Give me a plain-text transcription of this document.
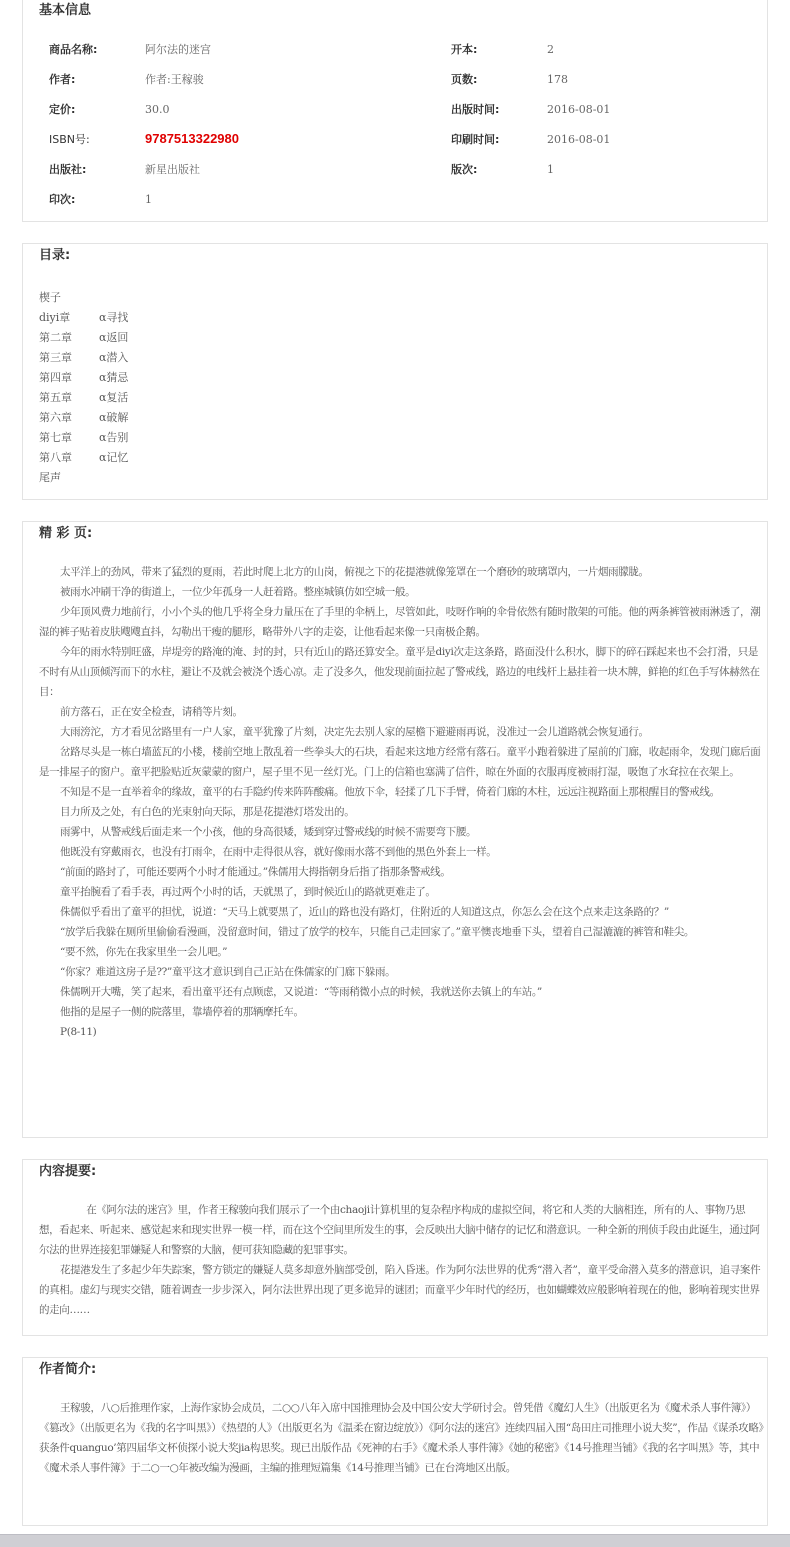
基本信息
商品名称:	阿尔法的迷宫	开本:	2
作者:	作者:王稼骏	页数:	178
定价:	30.0	出版时间:	2016-08-01
ISBN号:	9787513322980	印刷时间:	2016-08-01
出版社:	新星出版社	版次:	1
印次:	1
目录:
楔子
diyi章	α寻找
第二章 α返回
第三章 α潜入
第四章 α猜忌
第五章 α复活
第六章 α破解
第七章 α告别
第八章 α记忆
尾声
精 彩 页:

太平洋上的劲风，带来了猛烈的夏雨，若此时爬上北方的山岗，俯视之下的花提港就像笼罩在一个磨砂的玻璃罩内，一片烟雨朦胧。

被雨水冲刷干净的街道上，一位少年孤身一人赶着路。整座城镇仿如空城一般。

少年顶风费力地前行，小小个头的他几乎将全身力量压在了手里的伞柄上，尽管如此，吱呀作响的伞骨依然有随时散架的可能。他的两条裤管被雨淋透了，潮湿的裤子贴着皮肤飕飕直抖，勾勒出干瘦的腿形，略带外八字的走姿，让他看起来像一只南极企鹅。

今年的雨水特别旺盛，岸堤旁的路淹的淹、封的封，只有近山的路还算安全。童平是diyi次走这条路，路面没什么积水，脚下的碎石踩起来也不会打滑，只是不时有从山顶倾泻而下的水柱，避让不及就会被浇个透心凉。走了没多久，他发现前面拉起了警戒线，路边的电线杆上悬挂着一块木牌，鲜艳的红色手写体赫然在目：

前方落石，正在安全检查，请稍等片刻。

大雨滂沱，方才看见岔路里有一户人家，童平犹豫了片刻，决定先去别人家的屋檐下避避雨再说，没准过一会儿道路就会恢复通行。

岔路尽头是一栋白墙蓝瓦的小楼，楼前空地上散乱着一些拳头大的石块，看起来这地方经常有落石。童平小跑着躲进了屋前的门廊，收起雨伞，发现门廊后面是一排屋子的窗户。童平把脸贴近灰蒙蒙的窗户，屋子里不见一丝灯光。门上的信箱也塞满了信件，晾在外面的衣服再度被雨打湿，吸饱了水耷拉在衣架上。

不知是不是一直举着伞的缘故，童平的右手隐约传来阵阵酸痛。他放下伞，轻揉了几下手臂，倚着门廊的木柱，远远注视路面上那根醒目的警戒线。

目力所及之处，有白色的光束射向天际，那是花提港灯塔发出的。

雨雾中，从警戒线后面走来一个小孩，他的身高很矮，矮到穿过警戒线的时候不需要弯下腰。

他既没有穿戴雨衣，也没有打雨伞，在雨中走得很从容，就好像雨水落不到他的黑色外套上一样。

“前面的路封了，可能还要两个小时才能通过。”侏儒用大拇指朝身后指了指那条警戒线。

童平抬腕看了看手表，再过两个小时的话，天就黑了，到时候近山的路就更难走了。

侏儒似乎看出了童平的担忧，说道：“天马上就要黑了，近山的路也没有路灯，住附近的人知道这点，你怎么会在这个点来走这条路的？”

“放学后我躲在厕所里偷偷看漫画，没留意时间，错过了放学的校车，只能自己走回家了。”童平懊丧地垂下头，望着自己湿漉漉的裤管和鞋尖。

“要不然，你先在我家里坐一会儿吧。”

“你家？难道这房子是??”童平这才意识到自己正站在侏儒家的门廊下躲雨。

侏儒咧开大嘴，笑了起来，看出童平还有点顾虑，又说道：“等雨稍微小点的时候，我就送你去镇上的车站。”

他指的是屋子一侧的院落里，靠墙停着的那辆摩托车。

P(8-11)

内容提要:

在《阿尔法的迷宫》里，作者王稼骏向我们展示了一个由chaoji计算机里的复杂程序构成的虚拟空间，将它和人类的大脑相连，所有的人、事物乃思想，看起来、听起来、感觉起来和现实世界一模一样，而在这个空间里所发生的事，会反映出大脑中储存的记忆和潜意识。一种全新的刑侦手段由此诞生，通过阿尔法的世界连接犯罪嫌疑人和警察的大脑，便可获知隐藏的犯罪事实。

花提港发生了多起少年失踪案，警方锁定的嫌疑人莫多却意外脑部受创，陷入昏迷。作为阿尔法世界的优秀“潜入者”，童平受命潜入莫多的潜意识，追寻案件的真相。虚幻与现实交错，随着调查一步步深入，阿尔法世界出现了更多诡异的谜团；而童平少年时代的经历，也如蝴蝶效应般影响着现在的他，影响着现实世界的走向……

作者简介:

王稼骏，八○后推理作家，上海作家协会成员，二○○八年入席中国推理协会及中国公安大学研讨会。曾凭借《魔幻人生》（出版更名为《魔术杀人事件簿》）《篡改》（出版更名为《我的名字叫黑》）《热望的人》（出版更名为《温柔在窗边绽放》）《阿尔法的迷宫》连续四届入围“岛田庄司推理小说大奖”，作品《谋杀攻略》获条件quanguo’第四届华文杯侦探小说大奖jia构思奖。现已出版作品《死神的右手》《魔术杀人事件簿》《她的秘密》《14号推理当铺》《我的名字叫黑》等，其中《魔术杀人事件簿》于二○一○年被改编为漫画，主编的推理短篇集《14号推理当铺》已在台湾地区出版。
